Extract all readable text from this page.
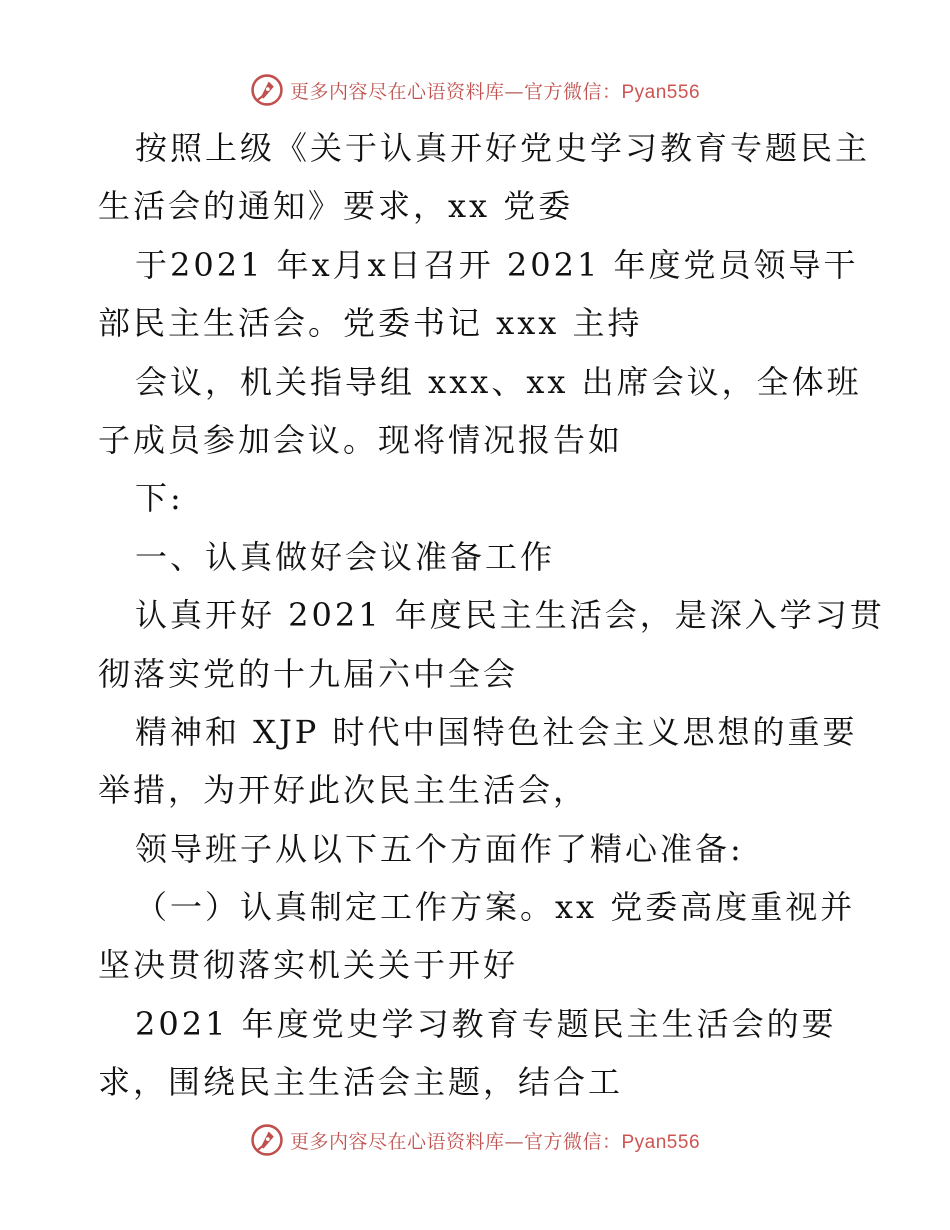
更多内容尽在心语资料库—官方微信：Pyan556
按照上级《关于认真开好党史学习教育专题民主
生活会的通知》要求，xx 党委
于2021 年x月x日召开 2021 年度党员领导干
部民主生活会。党委书记 xxx 主持
会议，机关指导组 xxx、xx 出席会议，全体班
子成员参加会议。现将情况报告如
下:
一、认真做好会议准备工作
认真开好 2021 年度民主生活会，是深入学习贯
彻落实党的十九届六中全会
精神和 XJP 时代中国特色社会主义思想的重要
举措，为开好此次民主生活会，
领导班子从以下五个方面作了精心准备:
（一）认真制定工作方案。xx 党委高度重视并
坚决贯彻落实机关关于开好
2021 年度党史学习教育专题民主生活会的要
求，围绕民主生活会主题，结合工
更多内容尽在心语资料库—官方微信：Pyan556
